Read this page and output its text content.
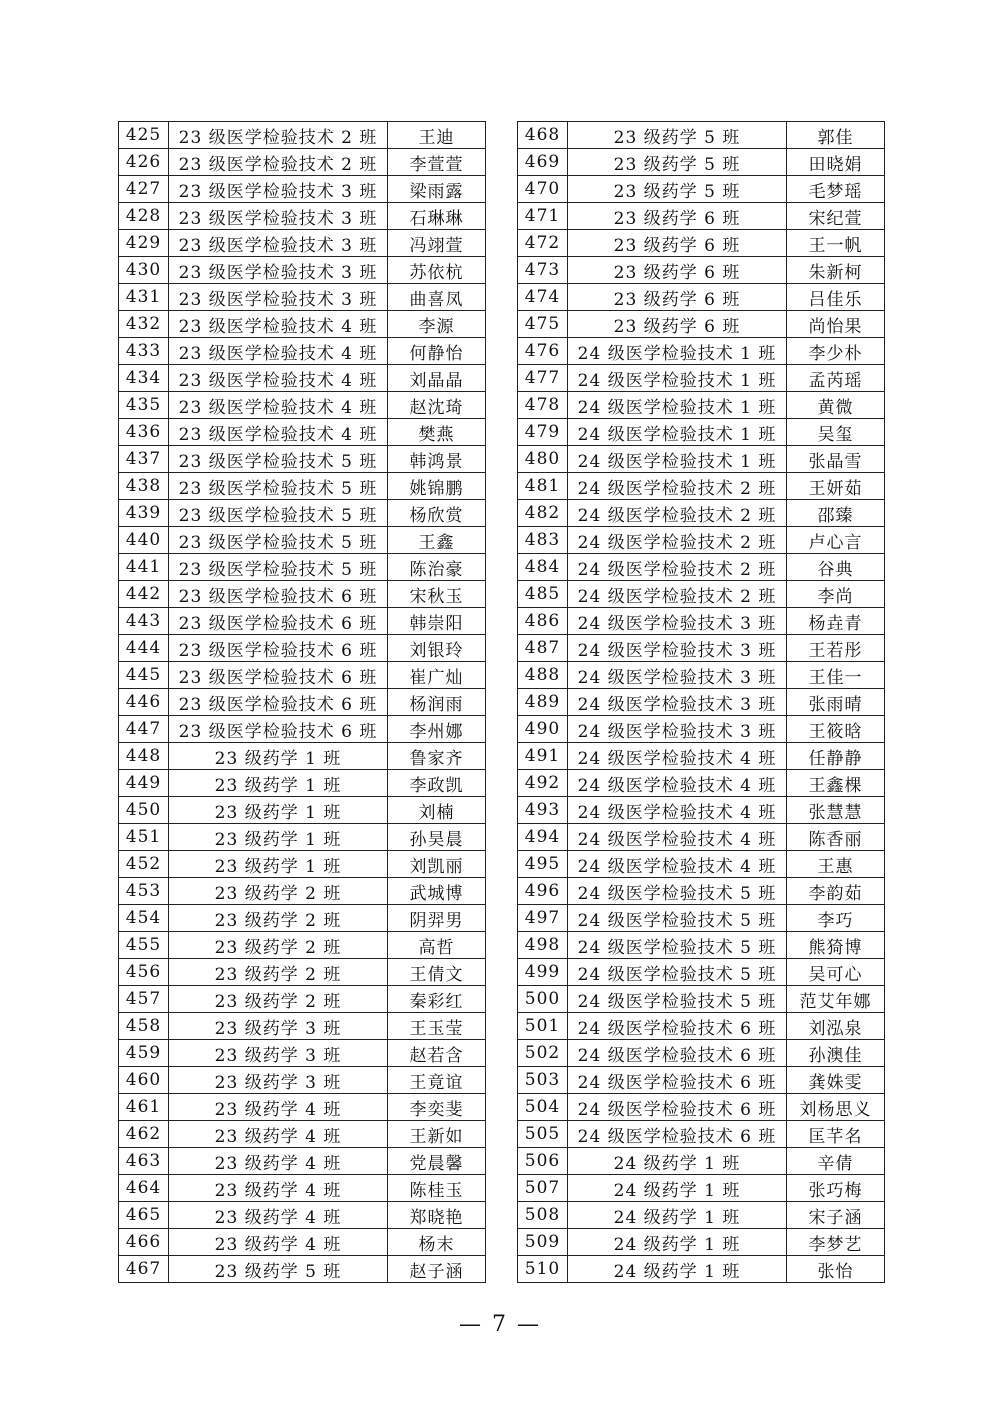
425	23 级医学检验技术 2 班	王迪
426	23 级医学检验技术 2 班	李萱萱
427	23 级医学检验技术 3 班	梁雨露
428	23 级医学检验技术 3 班	石琳琳
429	23 级医学检验技术 3 班	冯翊萱
430	23 级医学检验技术 3 班	苏依杭
431	23 级医学检验技术 3 班	曲喜凤
432	23 级医学检验技术 4 班	李源
433	23 级医学检验技术 4 班	何静怡
434	23 级医学检验技术 4 班	刘晶晶
435	23 级医学检验技术 4 班	赵沈琦
436	23 级医学检验技术 4 班	樊燕
437	23 级医学检验技术 5 班	韩鸿景
438	23 级医学检验技术 5 班	姚锦鹏
439	23 级医学检验技术 5 班	杨欣赏
440	23 级医学检验技术 5 班	王鑫
441	23 级医学检验技术 5 班	陈治豪
442	23 级医学检验技术 6 班	宋秋玉
443	23 级医学检验技术 6 班	韩崇阳
444	23 级医学检验技术 6 班	刘银玲
445	23 级医学检验技术 6 班	崔广灿
446	23 级医学检验技术 6 班	杨润雨
447	23 级医学检验技术 6 班	李州娜
448	23 级药学 1 班	鲁家齐
449	23 级药学 1 班	李政凯
450	23 级药学 1 班	刘楠
451	23 级药学 1 班	孙昊晨
452	23 级药学 1 班	刘凯丽
453	23 级药学 2 班	武城博
454	23 级药学 2 班	阴羿男
455	23 级药学 2 班	高哲
456	23 级药学 2 班	王倩文
457	23 级药学 2 班	秦彩红
458	23 级药学 3 班	王玉莹
459	23 级药学 3 班	赵若含
460	23 级药学 3 班	王竟谊
461	23 级药学 4 班	李奕斐
462	23 级药学 4 班	王新如
463	23 级药学 4 班	党晨馨
464	23 级药学 4 班	陈桂玉
465	23 级药学 4 班	郑晓艳
466	23 级药学 4 班	杨末
467	23 级药学 5 班	赵子涵
468	23 级药学 5 班	郭佳
469	23 级药学 5 班	田晓娟
470	23 级药学 5 班	毛梦瑶
471	23 级药学 6 班	宋纪萱
472	23 级药学 6 班	王一帆
473	23 级药学 6 班	朱新柯
474	23 级药学 6 班	吕佳乐
475	23 级药学 6 班	尚怡果
476	24 级医学检验技术 1 班	李少朴
477	24 级医学检验技术 1 班	孟芮瑶
478	24 级医学检验技术 1 班	黄微
479	24 级医学检验技术 1 班	吴玺
480	24 级医学检验技术 1 班	张晶雪
481	24 级医学检验技术 2 班	王妍茹
482	24 级医学检验技术 2 班	邵臻
483	24 级医学检验技术 2 班	卢心言
484	24 级医学检验技术 2 班	谷典
485	24 级医学检验技术 2 班	李尚
486	24 级医学检验技术 3 班	杨垚青
487	24 级医学检验技术 3 班	王若彤
488	24 级医学检验技术 3 班	王佳一
489	24 级医学检验技术 3 班	张雨晴
490	24 级医学检验技术 3 班	王筱晗
491	24 级医学检验技术 4 班	任静静
492	24 级医学检验技术 4 班	王鑫棵
493	24 级医学检验技术 4 班	张慧慧
494	24 级医学检验技术 4 班	陈香丽
495	24 级医学检验技术 4 班	王惠
496	24 级医学检验技术 5 班	李韵茹
497	24 级医学检验技术 5 班	李巧
498	24 级医学检验技术 5 班	熊猗博
499	24 级医学检验技术 5 班	吴可心
500	24 级医学检验技术 5 班	范艾年娜
501	24 级医学检验技术 6 班	刘泓泉
502	24 级医学检验技术 6 班	孙澳佳
503	24 级医学检验技术 6 班	龚姝雯
504	24 级医学检验技术 6 班	刘杨思义
505	24 级医学检验技术 6 班	匡芊名
506	24 级药学 1 班	辛倩
507	24 级药学 1 班	张巧梅
508	24 级药学 1 班	宋子涵
509	24 级药学 1 班	李梦艺
510	24 级药学 1 班	张怡
— 7 —
